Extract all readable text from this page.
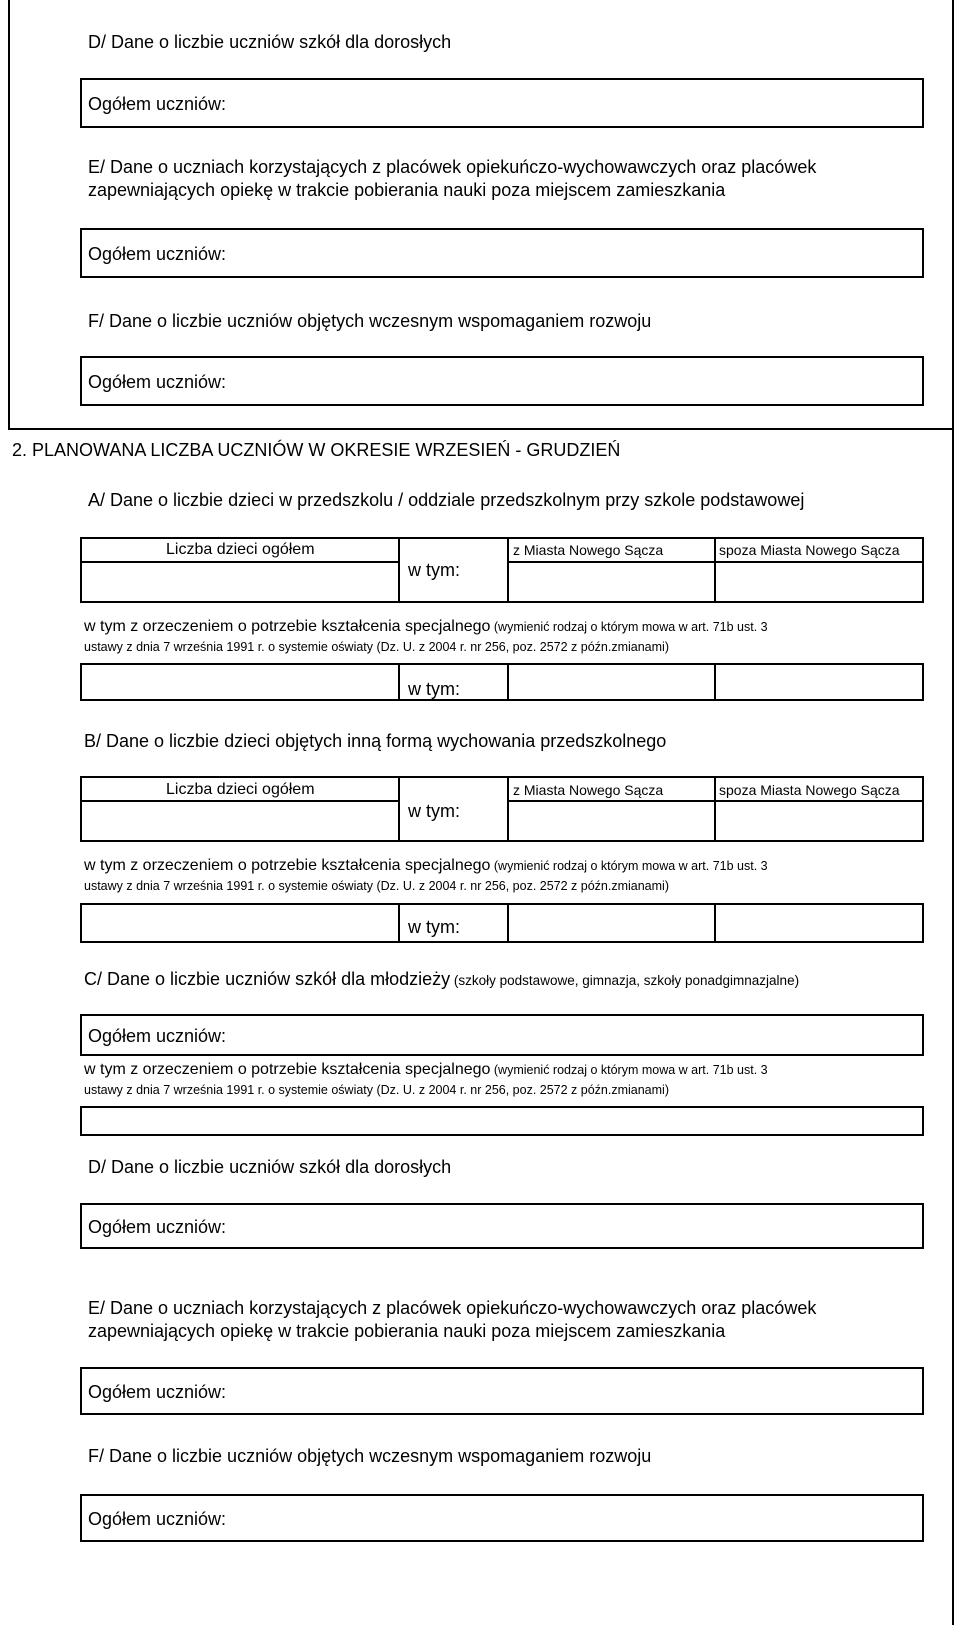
D/ Dane o liczbie uczniów szkół dla dorosłych
Ogółem uczniów:
E/ Dane o uczniach korzystających z placówek opiekuńczo-wychowawczych oraz placówek
zapewniających opiekę w trakcie pobierania nauki poza miejscem zamieszkania
Ogółem uczniów:
F/ Dane o liczbie uczniów objętych wczesnym wspomaganiem rozwoju
Ogółem uczniów:
2. PLANOWANA LICZBA UCZNIÓW W OKRESIE WRZESIEŃ - GRUDZIEŃ
A/ Dane o liczbie dzieci w przedszkolu / oddziale przedszkolnym przy szkole podstawowej
Liczba dzieci ogółem
w tym:
z Miasta Nowego Sącza	spoza Miasta Nowego Sącza
w tym z orzeczeniem o potrzebie kształcenia specjalnego (wymienić rodzaj o którym mowa w art. 71b ust. 3
ustawy z dnia 7 września 1991 r. o systemie oświaty (Dz. U. z 2004 r. nr 256, poz. 2572 z późn.zmianami)
w tym:
B/ Dane o liczbie dzieci objętych inną formą wychowania przedszkolnego
Liczba dzieci ogółem
w tym:
z Miasta Nowego Sącza	spoza Miasta Nowego Sącza
w tym z orzeczeniem o potrzebie kształcenia specjalnego (wymienić rodzaj o którym mowa w art. 71b ust. 3
ustawy z dnia 7 września 1991 r. o systemie oświaty (Dz. U. z 2004 r. nr 256, poz. 2572 z późn.zmianami)
w tym:
C/ Dane o liczbie uczniów szkół dla młodzieży (szkoły podstawowe, gimnazja, szkoły ponadgimnazjalne)
Ogółem uczniów:
w tym z orzeczeniem o potrzebie kształcenia specjalnego (wymienić rodzaj o którym mowa w art. 71b ust. 3
ustawy z dnia 7 września 1991 r. o systemie oświaty (Dz. U. z 2004 r. nr 256, poz. 2572 z późn.zmianami)
D/ Dane o liczbie uczniów szkół dla dorosłych
Ogółem uczniów:
E/ Dane o uczniach korzystających z placówek opiekuńczo-wychowawczych oraz placówek
zapewniających opiekę w trakcie pobierania nauki poza miejscem zamieszkania
Ogółem uczniów:
F/ Dane o liczbie uczniów objętych wczesnym wspomaganiem rozwoju
Ogółem uczniów:
